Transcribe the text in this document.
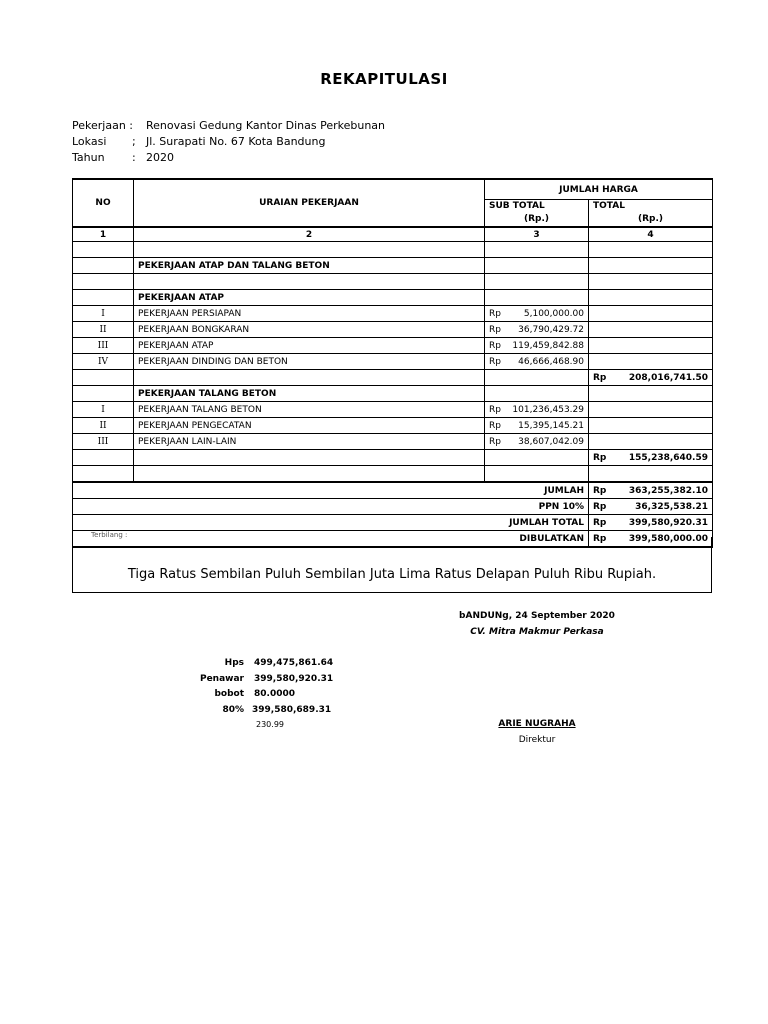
REKAPITULASI
Pekerjaan : Renovasi Gedung Kantor Dinas Perkebunan
Lokasi ; Jl. Surapati No. 67 Kota Bandung
Tahun : 2020
NO	URAIAN PEKERJAAN	JUMLAH HARGA	
		SUB TOTAL	TOTAL
		(Rp.)	(Rp.)
1	2	3	4

	PEKERJAAN ATAP DAN TALANG BETON		

	PEKERJAAN ATAP		
I	PEKERJAAN PERSIAPAN	Rp 5,100,000.00	

II	PEKERJAAN BONGKARAN	Rp 36,790,429.72	

III	PEKERJAAN ATAP	Rp 119,459,842.88	

IV	PEKERJAAN DINDING DAN BETON	Rp 46,666,468.90	

			Rp 208,016,741.50

	PEKERJAAN TALANG BETON		
I	PEKERJAAN TALANG BETON	Rp 101,236,453.29	

II	PEKERJAAN PENGECATAN	Rp 15,395,145.21	

III	PEKERJAAN LAIN-LAIN	Rp 38,607,042.09	

			Rp 155,238,640.59

JUMLAH			Rp 363,255,382.10

PPN 10%			Rp 36,325,538.21

JUMLAH TOTAL			Rp 399,580,920.31

DIBULATKAN			Rp 399,580,000.00
Terbilang :
Tiga Ratus Sembilan Puluh Sembilan Juta Lima Ratus Delapan Puluh Ribu Rupiah.
bANDUNg, 24 September 2020
CV. Mitra Makmur Perkasa
ARIE NUGRAHA
Direktur
Hps 499,475,861.64
Penawar 399,580,920.31
bobot 80.0000
80% 399,580,689.31
230.99
